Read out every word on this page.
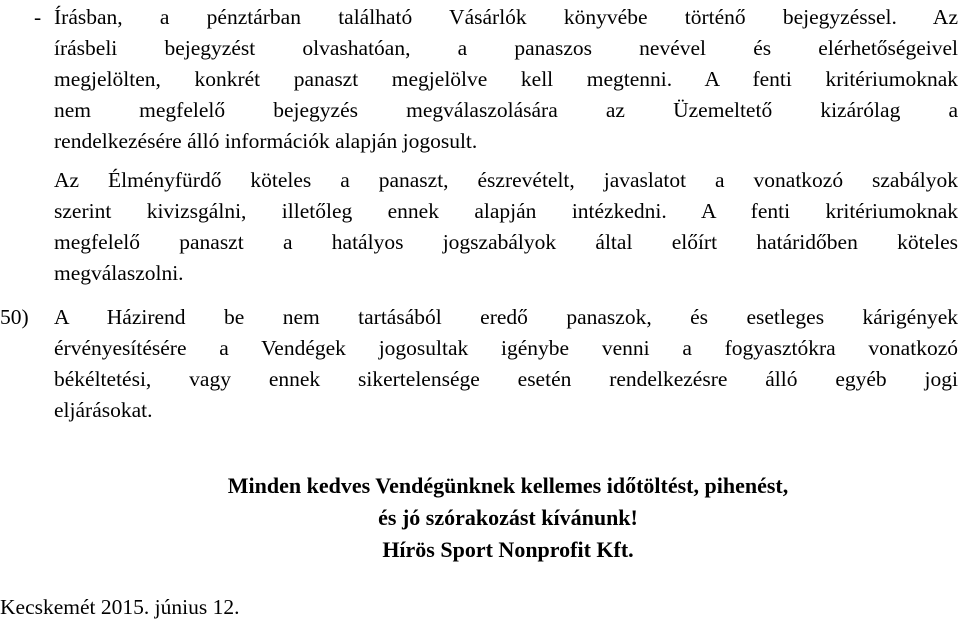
- Írásban, a pénztárban található Vásárlók könyvébe történő bejegyzéssel. Az
írásbeli bejegyzést olvashatóan, a panaszos nevével és elérhetőségeivel
megjelölten, konkrét panaszt megjelölve kell megtenni. A fenti kritériumoknak
nem megfelelő bejegyzés megválaszolására az Üzemeltető kizárólag a
rendelkezésére álló információk alapján jogosult.
Az Élményfürdő köteles a panaszt, észrevételt, javaslatot a vonatkozó szabályok
szerint kivizsgálni, illetőleg ennek alapján intézkedni. A fenti kritériumoknak
megfelelő panaszt a hatályos jogszabályok által előírt határidőben köteles
megválaszolni.
50) A Házirend be nem tartásából eredő panaszok, és esetleges kárigények
érvényesítésére a Vendégek jogosultak igénybe venni a fogyasztókra vonatkozó
békéltetési, vagy ennek sikertelensége esetén rendelkezésre álló egyéb jogi
eljárásokat.
Minden kedves Vendégünknek kellemes időtöltést, pihenést,
és jó szórakozást kívánunk!
Hírös Sport Nonprofit Kft.
Kecskemét 2015. június 12.
